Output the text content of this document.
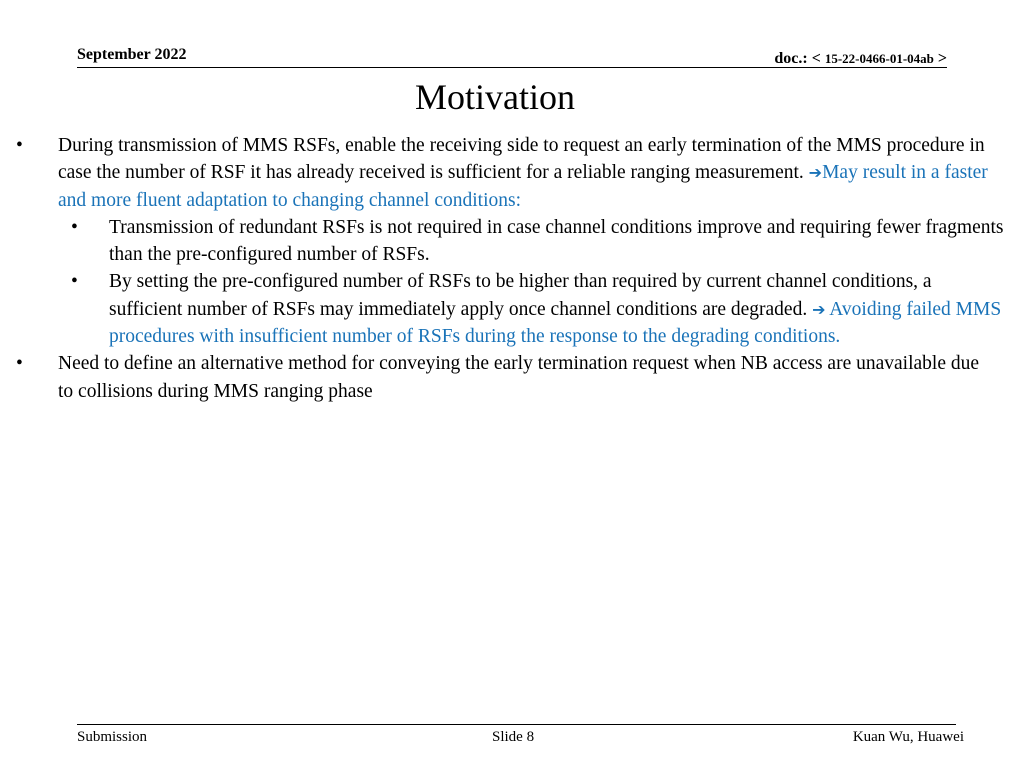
September 2022	doc.: < 15-22-0466-01-04ab >
Motivation

• During transmission of MMS RSFs, enable the receiving side to request an early termination of the MMS procedure in case the number of RSF it has already received is sufficient for a reliable ranging measurement. ➔May result in a faster and more fluent adaptation to changing channel conditions:

• Transmission of redundant RSFs is not required in case channel conditions improve and requiring fewer fragments than the pre-configured number of RSFs.

• By setting the pre-configured number of RSFs to be higher than required by current channel conditions, a sufficient number of RSFs may immediately apply once channel conditions are degraded. ➔ Avoiding failed MMS procedures with insufficient number of RSFs during the response to the degrading conditions.

• Need to define an alternative method for conveying the early termination request when NB access are unavailable due to collisions during MMS ranging phase

Submission	Slide 8	Kuan Wu, Huawei
